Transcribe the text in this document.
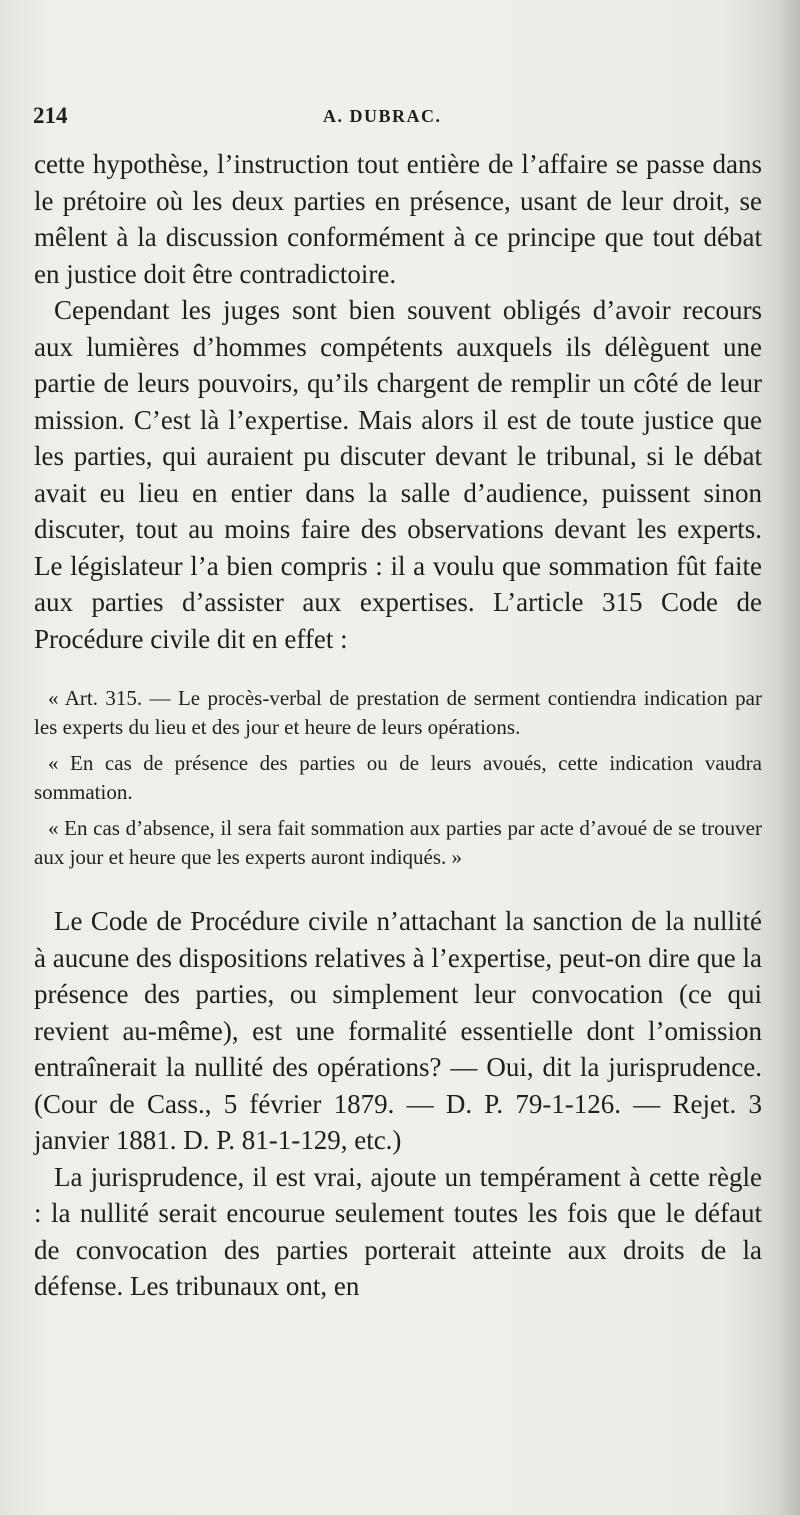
214	A. DUBRAC.

cette hypothèse, l’instruction tout entière de l’affaire se passe dans le prétoire où les deux parties en présence, usant de leur droit, se mêlent à la discussion conformément à ce principe que tout débat en justice doit être contradictoire.

Cependant les juges sont bien souvent obligés d’avoir recours aux lumières d’hommes compétents auxquels ils délèguent une partie de leurs pouvoirs, qu’ils chargent de remplir un côté de leur mission. C’est là l’expertise. Mais alors il est de toute justice que les parties, qui auraient pu discuter devant le tribunal, si le débat avait eu lieu en entier dans la salle d’audience, puissent sinon discuter, tout au moins faire des observations devant les experts. Le législateur l’a bien compris : il a voulu que sommation fût faite aux parties d’assister aux expertises. L’article 315 Code de Procédure civile dit en effet :

« Art. 315. — Le procès-verbal de prestation de serment contiendra indication par les experts du lieu et des jour et heure de leurs opérations.

« En cas de présence des parties ou de leurs avoués, cette indication vaudra sommation.

« En cas d’absence, il sera fait sommation aux parties par acte d’avoué de se trouver aux jour et heure que les experts auront indiqués. »

Le Code de Procédure civile n’attachant la sanction de la nullité à aucune des dispositions relatives à l’expertise, peut-on dire que la présence des parties, ou simplement leur convocation (ce qui revient au-même), est une formalité essentielle dont l’omission entraînerait la nullité des opérations? — Oui, dit la jurisprudence. (Cour de Cass., 5 février 1879. — D. P. 79-1-126. — Rejet. 3 janvier 1881. D. P. 81-1-129, etc.)

La jurisprudence, il est vrai, ajoute un tempérament à cette règle : la nullité serait encourue seulement toutes les fois que le défaut de convocation des parties porterait atteinte aux droits de la défense. Les tribunaux ont, en
